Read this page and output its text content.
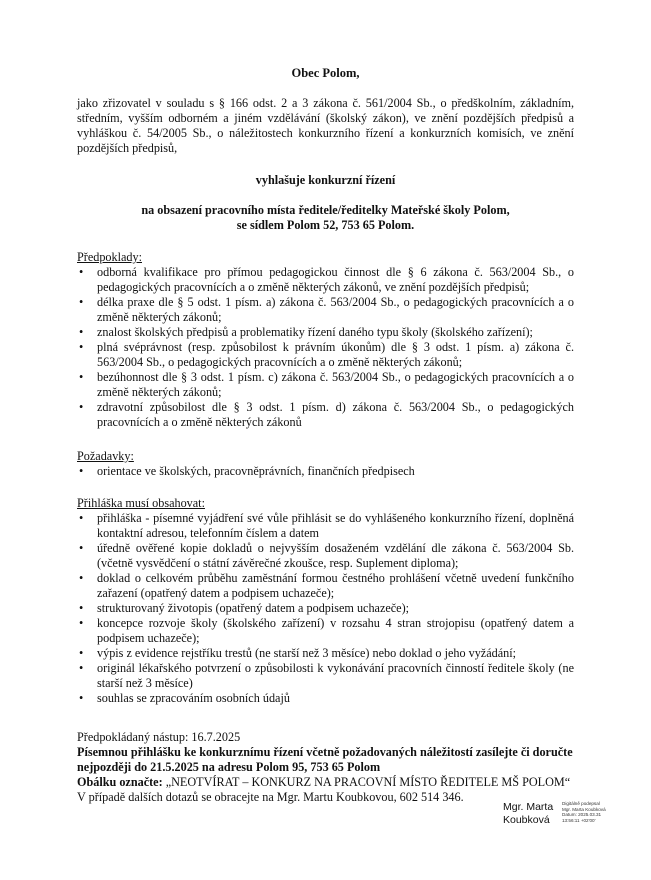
Obec Polom,
jako zřizovatel v souladu s § 166 odst. 2 a 3 zákona č. 561/2004 Sb., o předškolním, základním, středním, vyšším odborném a jiném vzdělávání (školský zákon), ve znění pozdějších předpisů a vyhláškou č. 54/2005 Sb., o náležitostech konkurzního řízení a konkurzních komisích, ve znění pozdějších předpisů,
vyhlašuje konkurzní řízení
na obsazení pracovního místa ředitele/ředitelky Mateřské školy Polom,
se sídlem Polom 52, 753 65 Polom.
Předpoklady:
• odborná kvalifikace pro přímou pedagogickou činnost dle § 6 zákona č. 563/2004 Sb., o pedagogických pracovnících a o změně některých zákonů, ve znění pozdějších předpisů;
• délka praxe dle § 5 odst. 1 písm. a) zákona č. 563/2004 Sb., o pedagogických pracovnících a o změně některých zákonů;
• znalost školských předpisů a problematiky řízení daného typu školy (školského zařízení);
• plná svéprávnost (resp. způsobilost k právním úkonům) dle § 3 odst. 1 písm. a) zákona č. 563/2004 Sb., o pedagogických pracovnících a o změně některých zákonů;
• bezúhonnost dle § 3 odst. 1 písm. c) zákona č. 563/2004 Sb., o pedagogických pracovnících a o změně některých zákonů;
• zdravotní způsobilost dle § 3 odst. 1 písm. d) zákona č. 563/2004 Sb., o pedagogických pracovnících a o změně některých zákonů
Požadavky:
• orientace ve školských, pracovněprávních, finančních předpisech
Přihláška musí obsahovat:
• přihláška - písemné vyjádření své vůle přihlásit se do vyhlášeného konkurzního řízení, doplněná kontaktní adresou, telefonním číslem a datem
• úředně ověřené kopie dokladů o nejvyšším dosaženém vzdělání dle zákona č. 563/2004 Sb. (včetně vysvědčení o státní závěrečné zkoušce, resp. Suplement diploma);
• doklad o celkovém průběhu zaměstnání formou čestného prohlášení včetně uvedení funkčního zařazení (opatřený datem a podpisem uchazeče);
• strukturovaný životopis (opatřený datem a podpisem uchazeče);
• koncepce rozvoje školy (školského zařízení) v rozsahu 4 stran strojopisu (opatřený datem a podpisem uchazeče);
• výpis z evidence rejstříku trestů (ne starší než 3 měsíce) nebo doklad o jeho vyžádání;
• originál lékařského potvrzení o způsobilosti k vykonávání pracovních činností ředitele školy (ne starší než 3 měsíce)
• souhlas se zpracováním osobních údajů
Předpokládaný nástup: 16.7.2025
Písemnou přihlášku ke konkurznímu řízení včetně požadovaných náležitostí zasílejte či doručte nejpozději do 21.5.2025 na adresu Polom 95, 753 65 Polom
Obálku označte: „NEOTVÍRAT – KONKURZ NA PRACOVNÍ MÍSTO ŘEDITELE MŠ POLOM“
V případě dalších dotazů se obracejte na Mgr. Martu Koubkovou, 602 514 346.
Mgr. Marta
Koubková
Digitálně podepsal
Mgr. Marta Koubková
Datum: 2025.03.31
13:56:11 +02'00'
